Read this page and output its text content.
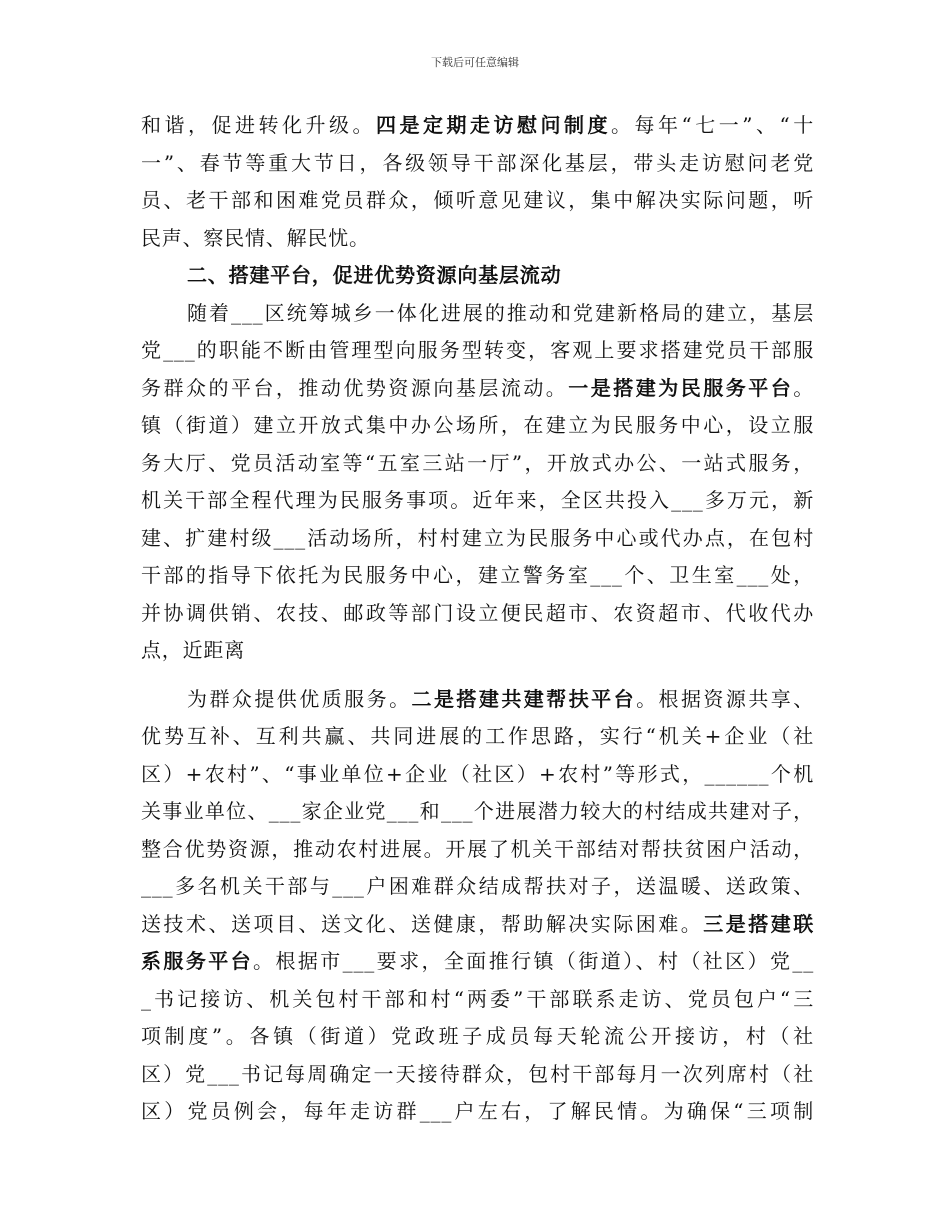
下载后可任意编辑
和谐，促进转化升级。四是定期走访慰问制度。每年“七一”、“十
一”、春节等重大节日，各级领导干部深化基层，带头走访慰问老党
员、老干部和困难党员群众，倾听意见建议，集中解决实际问题，听
民声、察民情、解民忧。
二、搭建平台，促进优势资源向基层流动
随着___区统筹城乡一体化进展的推动和党建新格局的建立，基层
党___的职能不断由管理型向服务型转变，客观上要求搭建党员干部服
务群众的平台，推动优势资源向基层流动。一是搭建为民服务平台。
镇（街道）建立开放式集中办公场所，在建立为民服务中心，设立服
务大厅、党员活动室等“五室三站一厅”，开放式办公、一站式服务，
机关干部全程代理为民服务事项。近年来，全区共投入___多万元，新
建、扩建村级___活动场所，村村建立为民服务中心或代办点，在包村
干部的指导下依托为民服务中心，建立警务室___个、卫生室___处，
并协调供销、农技、邮政等部门设立便民超市、农资超市、代收代办
点，近距离
为群众提供优质服务。二是搭建共建帮扶平台。根据资源共享、
优势互补、互利共赢、共同进展的工作思路，实行“机关+企业（社
区）+农村”、“事业单位+企业（社区）+农村”等形式，______个机
关事业单位、___家企业党___和___个进展潜力较大的村结成共建对子，
整合优势资源，推动农村进展。开展了机关干部结对帮扶贫困户活动，
___多名机关干部与___户困难群众结成帮扶对子，送温暖、送政策、
送技术、送项目、送文化、送健康，帮助解决实际困难。三是搭建联
系服务平台。根据市___要求，全面推行镇（街道）、村（社区）党__
_书记接访、机关包村干部和村“两委”干部联系走访、党员包户“三
项制度”。各镇（街道）党政班子成员每天轮流公开接访，村（社
区）党___书记每周确定一天接待群众，包村干部每月一次列席村（社
区）党员例会，每年走访群___户左右，了解民情。为确保“三项制
